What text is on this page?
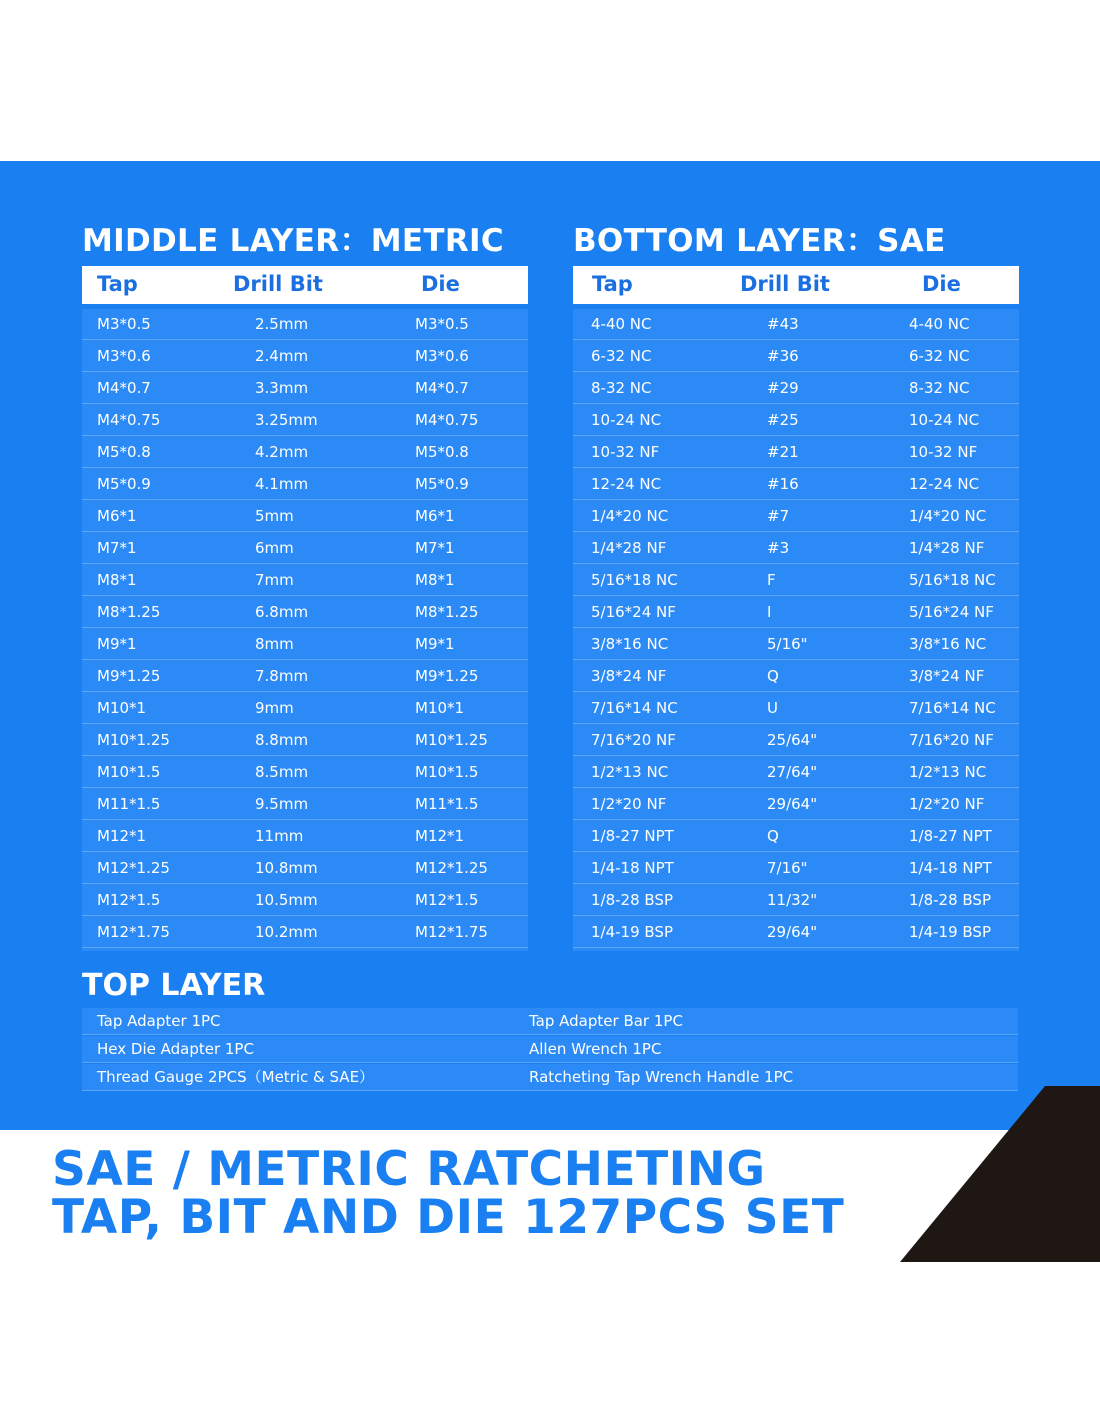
MIDDLE LAYER：METRIC
Tap	Drill Bit	Die
M3*0.5	2.5mm	M3*0.5
M3*0.6	2.4mm	M3*0.6
M4*0.7	3.3mm	M4*0.7
M4*0.75	3.25mm	M4*0.75
M5*0.8	4.2mm	M5*0.8
M5*0.9	4.1mm	M5*0.9
M6*1	5mm	M6*1
M7*1	6mm	M7*1
M8*1	7mm	M8*1
M8*1.25	6.8mm	M8*1.25
M9*1	8mm	M9*1
M9*1.25	7.8mm	M9*1.25
M10*1	9mm	M10*1
M10*1.25	8.8mm	M10*1.25
M10*1.5	8.5mm	M10*1.5
M11*1.5	9.5mm	M11*1.5
M12*1	11mm	M12*1
M12*1.25	10.8mm	M12*1.25
M12*1.5	10.5mm	M12*1.5
M12*1.75	10.2mm	M12*1.75
BOTTOM LAYER：SAE
Tap	Drill Bit	Die
4-40 NC	#43	4-40 NC
6-32 NC	#36	6-32 NC
8-32 NC	#29	8-32 NC
10-24 NC	#25	10-24 NC
10-32 NF	#21	10-32 NF
12-24 NC	#16	12-24 NC
1/4*20 NC	#7	1/4*20 NC
1/4*28 NF	#3	1/4*28 NF
5/16*18 NC	F	5/16*18 NC
5/16*24 NF	I	5/16*24 NF
3/8*16 NC	5/16"	3/8*16 NC
3/8*24 NF	Q	3/8*24 NF
7/16*14 NC	U	7/16*14 NC
7/16*20 NF	25/64"	7/16*20 NF
1/2*13 NC	27/64"	1/2*13 NC
1/2*20 NF	29/64"	1/2*20 NF
1/8-27 NPT	Q	1/8-27 NPT
1/4-18 NPT	7/16"	1/4-18 NPT
1/8-28 BSP	11/32"	1/8-28 BSP
1/4-19 BSP	29/64"	1/4-19 BSP
TOP LAYER
Tap Adapter 1PC	Tap Adapter Bar 1PC
Hex Die Adapter 1PC	Allen Wrench 1PC
Thread Gauge 2PCS（Metric & SAE）	Ratcheting Tap Wrench Handle 1PC
SAE / METRIC RATCHETING
TAP, BIT AND DIE 127PCS SET
